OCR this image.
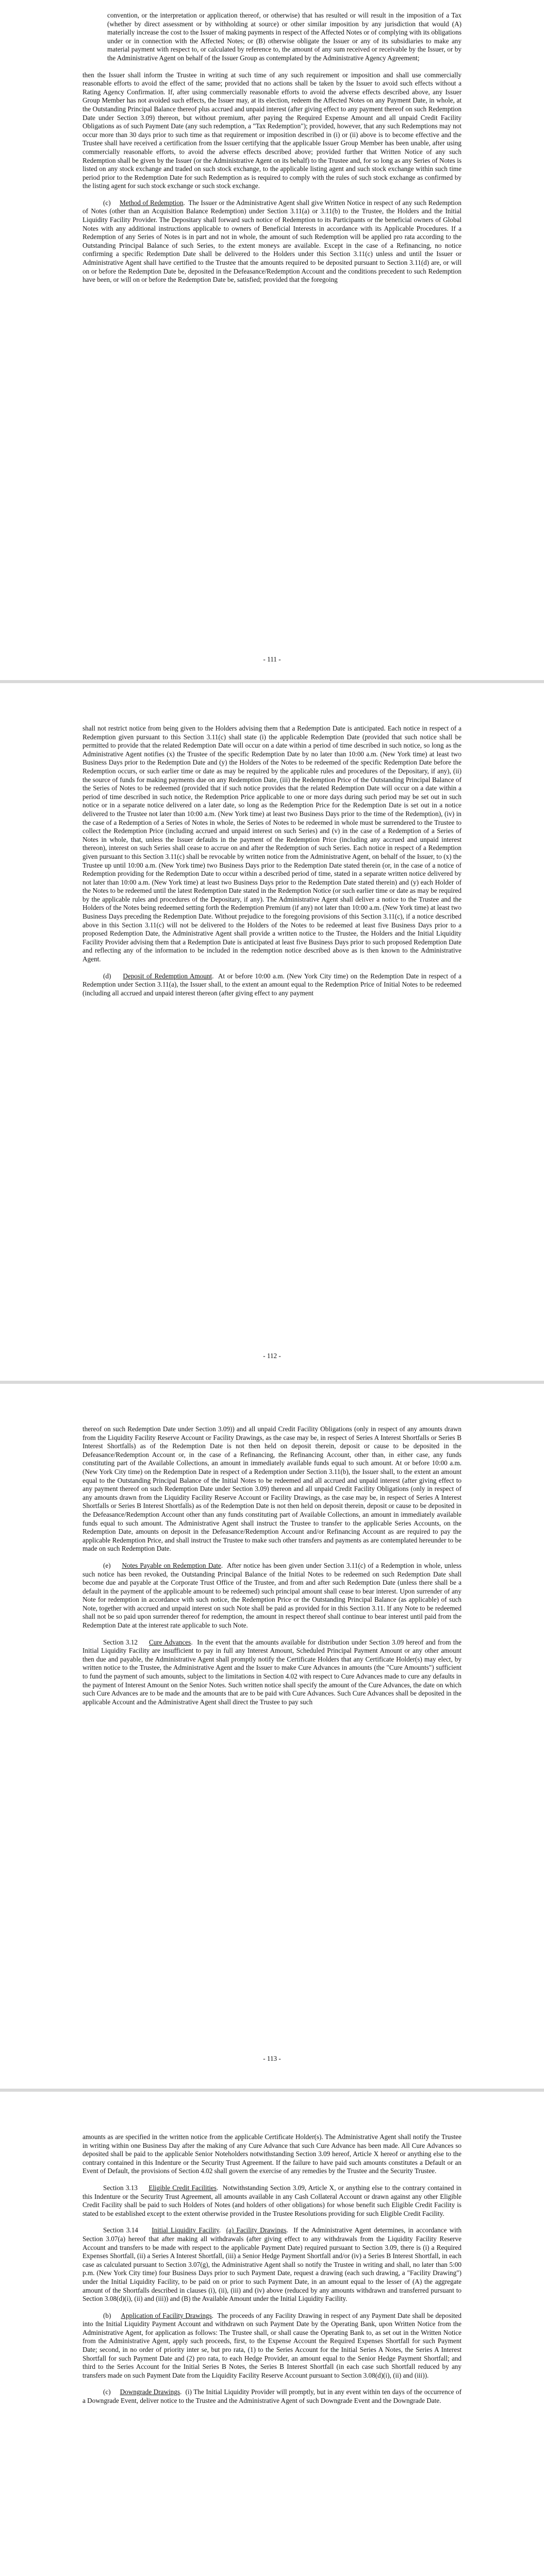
convention, or the interpretation or application thereof, or otherwise) that has resulted or will result in the imposition of a Tax (whether by direct assessment or by withholding at source) or other similar imposition by any jurisdiction that would (A) materially increase the cost to the Issuer of making payments in respect of the Affected Notes or of complying with its obligations under or in connection with the Affected Notes; or (B) otherwise obligate the Issuer or any of its subsidiaries to make any material payment with respect to, or calculated by reference to, the amount of any sum received or receivable by the Issuer, or by the Administrative Agent on behalf of the Issuer Group as contemplated by the Administrative Agency Agreement;

then the Issuer shall inform the Trustee in writing at such time of any such requirement or imposition and shall use commercially reasonable efforts to avoid the effect of the same; provided that no actions shall be taken by the Issuer to avoid such effects without a Rating Agency Confirmation. If, after using commercially reasonable efforts to avoid the adverse effects described above, any Issuer Group Member has not avoided such effects, the Issuer may, at its election, redeem the Affected Notes on any Payment Date, in whole, at the Outstanding Principal Balance thereof plus accrued and unpaid interest (after giving effect to any payment thereof on such Redemption Date under Section 3.09) thereon, but without premium, after paying the Required Expense Amount and all unpaid Credit Facility Obligations as of such Payment Date (any such redemption, a "Tax Redemption"); provided, however, that any such Redemptions may not occur more than 30 days prior to such time as that requirement or imposition described in (i) or (ii) above is to become effective and the Trustee shall have received a certification from the Issuer certifying that the applicable Issuer Group Member has been unable, after using commercially reasonable efforts, to avoid the adverse effects described above; provided further that Written Notice of any such Redemption shall be given by the Issuer (or the Administrative Agent on its behalf) to the Trustee and, for so long as any Series of Notes is listed on any stock exchange and traded on such stock exchange, to the applicable listing agent and such stock exchange within such time period prior to the Redemption Date for such Redemption as is required to comply with the rules of such stock exchange as confirmed by the listing agent for such stock exchange or such stock exchange.

(c) Method of Redemption.  The Issuer or the Administrative Agent shall give Written Notice in respect of any such Redemption of Notes (other than an Acquisition Balance Redemption) under Section 3.11(a) or 3.11(b) to the Trustee, the Holders and the Initial Liquidity Facility Provider. The Depositary shall forward such notice of Redemption to its Participants or the beneficial owners of Global Notes with any additional instructions applicable to owners of Beneficial Interests in accordance with its Applicable Procedures. If a Redemption of any Series of Notes is in part and not in whole, the amount of such Redemption will be applied pro rata according to the Outstanding Principal Balance of such Series, to the extent moneys are available. Except in the case of a Refinancing, no notice confirming a specific Redemption Date shall be delivered to the Holders under this Section 3.11(c) unless and until the Issuer or Administrative Agent shall have certified to the Trustee that the amounts required to be deposited pursuant to Section 3.11(d) are, or will on or before the Redemption Date be, deposited in the Defeasance/Redemption Account and the conditions precedent to such Redemption have been, or will on or before the Redemption Date be, satisfied; provided that the foregoing

- 111 -

shall not restrict notice from being given to the Holders advising them that a Redemption Date is anticipated. Each notice in respect of a Redemption given pursuant to this Section 3.11(c) shall state (i) the applicable Redemption Date (provided that such notice shall be permitted to provide that the related Redemption Date will occur on a date within a period of time described in such notice, so long as the Administrative Agent notifies (x) the Trustee of the specific Redemption Date by no later than 10:00 a.m. (New York time) at least two Business Days prior to the Redemption Date and (y) the Holders of the Notes to be redeemed of the specific Redemption Date before the Redemption occurs, or such earlier time or date as may be required by the applicable rules and procedures of the Depositary, if any), (ii) the source of funds for making payments due on any Redemption Date, (iii) the Redemption Price of the Outstanding Principal Balance of the Series of Notes to be redeemed (provided that if such notice provides that the related Redemption Date will occur on a date within a period of time described in such notice, the Redemption Price applicable to one or more days during such period may be set out in such notice or in a separate notice delivered on a later date, so long as the Redemption Price for the Redemption Date is set out in a notice delivered to the Trustee not later than 10:00 a.m. (New York time) at least two Business Days prior to the time of the Redemption), (iv) in the case of a Redemption of a Series of Notes in whole, the Series of Notes to be redeemed in whole must be surrendered to the Trustee to collect the Redemption Price (including accrued and unpaid interest on such Series) and (v) in the case of a Redemption of a Series of Notes in whole, that, unless the Issuer defaults in the payment of the Redemption Price (including any accrued and unpaid interest thereon), interest on such Series shall cease to accrue on and after the Redemption of such Series. Each notice in respect of a Redemption given pursuant to this Section 3.11(c) shall be revocable by written notice from the Administrative Agent, on behalf of the Issuer, to (x) the Trustee up until 10:00 a.m. (New York time) two Business Days prior to the Redemption Date stated therein (or, in the case of a notice of Redemption providing for the Redemption Date to occur within a described period of time, stated in a separate written notice delivered by not later than 10:00 a.m. (New York time) at least two Business Days prior to the Redemption Date stated therein) and (y) each Holder of the Notes to be redeemed until the latest Redemption Date stated in the Redemption Notice (or such earlier time or date as may be required by the applicable rules and procedures of the Depositary, if any). The Administrative Agent shall deliver a notice to the Trustee and the Holders of the Notes being redeemed setting forth the Redemption Premium (if any) not later than 10:00 a.m. (New York time) at least two Business Days preceding the Redemption Date. Without prejudice to the foregoing provisions of this Section 3.11(c), if a notice described above in this Section 3.11(c) will not be delivered to the Holders of the Notes to be redeemed at least five Business Days prior to a proposed Redemption Date, the Administrative Agent shall provide a written notice to the Trustee, the Holders and the Initial Liquidity Facility Provider advising them that a Redemption Date is anticipated at least five Business Days prior to such proposed Redemption Date and reflecting any of the information to be included in the redemption notice described above as is then known to the Administrative Agent.

(d) Deposit of Redemption Amount.  At or before 10:00 a.m. (New York City time) on the Redemption Date in respect of a Redemption under Section 3.11(a), the Issuer shall, to the extent an amount equal to the Redemption Price of Initial Notes to be redeemed (including all accrued and unpaid interest thereon (after giving effect to any payment

- 112 -

thereof on such Redemption Date under Section 3.09)) and all unpaid Credit Facility Obligations (only in respect of any amounts drawn from the Liquidity Facility Reserve Account or Facility Drawings, as the case may be, in respect of Series A Interest Shortfalls or Series B Interest Shortfalls) as of the Redemption Date is not then held on deposit therein, deposit or cause to be deposited in the Defeasance/Redemption Account or, in the case of a Refinancing, the Refinancing Account, other than, in either case, any funds constituting part of the Available Collections, an amount in immediately available funds equal to such amount. At or before 10:00 a.m. (New York City time) on the Redemption Date in respect of a Redemption under Section 3.11(b), the Issuer shall, to the extent an amount equal to the Outstanding Principal Balance of the Initial Notes to be redeemed and all accrued and unpaid interest (after giving effect to any payment thereof on such Redemption Date under Section 3.09) thereon and all unpaid Credit Facility Obligations (only in respect of any amounts drawn from the Liquidity Facility Reserve Account or Facility Drawings, as the case may be, in respect of Series A Interest Shortfalls or Series B Interest Shortfalls) as of the Redemption Date is not then held on deposit therein, deposit or cause to be deposited in the Defeasance/Redemption Account other than any funds constituting part of Available Collections, an amount in immediately available funds equal to such amount. The Administrative Agent shall instruct the Trustee to transfer to the applicable Series Accounts, on the Redemption Date, amounts on deposit in the Defeasance/Redemption Account and/or Refinancing Account as are required to pay the applicable Redemption Price, and shall instruct the Trustee to make such other transfers and payments as are contemplated hereunder to be made on such Redemption Date.

(e) Notes Payable on Redemption Date.  After notice has been given under Section 3.11(c) of a Redemption in whole, unless such notice has been revoked, the Outstanding Principal Balance of the Initial Notes to be redeemed on such Redemption Date shall become due and payable at the Corporate Trust Office of the Trustee, and from and after such Redemption Date (unless there shall be a default in the payment of the applicable amount to be redeemed) such principal amount shall cease to bear interest. Upon surrender of any Note for redemption in accordance with such notice, the Redemption Price or the Outstanding Principal Balance (as applicable) of such Note, together with accrued and unpaid interest on such Note shall be paid as provided for in this Section 3.11. If any Note to be redeemed shall not be so paid upon surrender thereof for redemption, the amount in respect thereof shall continue to bear interest until paid from the Redemption Date at the interest rate applicable to such Note.

Section 3.12 Cure Advances.  In the event that the amounts available for distribution under Section 3.09 hereof and from the Initial Liquidity Facility are insufficient to pay in full any Interest Amount, Scheduled Principal Payment Amount or any other amount then due and payable, the Administrative Agent shall promptly notify the Certificate Holders that any Certificate Holder(s) may elect, by written notice to the Trustee, the Administrative Agent and the Issuer to make Cure Advances in amounts (the "Cure Amounts") sufficient to fund the payment of such amounts, subject to the limitations in Section 4.02 with respect to Cure Advances made to cure any defaults in the payment of Interest Amount on the Senior Notes. Such written notice shall specify the amount of the Cure Advances, the date on which such Cure Advances are to be made and the amounts that are to be paid with Cure Advances. Such Cure Advances shall be deposited in the applicable Account and the Administrative Agent shall direct the Trustee to pay such

- 113 -

amounts as are specified in the written notice from the applicable Certificate Holder(s). The Administrative Agent shall notify the Trustee in writing within one Business Day after the making of any Cure Advance that such Cure Advance has been made. All Cure Advances so deposited shall be paid to the applicable Senior Noteholders notwithstanding Section 3.09 hereof, Article X hereof or anything else to the contrary contained in this Indenture or the Security Trust Agreement. If the failure to have paid such amounts constitutes a Default or an Event of Default, the provisions of Section 4.02 shall govern the exercise of any remedies by the Trustee and the Security Trustee.

Section 3.13 Eligible Credit Facilities.  Notwithstanding Section 3.09, Article X, or anything else to the contrary contained in this Indenture or the Security Trust Agreement, all amounts available in any Cash Collateral Account or drawn against any other Eligible Credit Facility shall be paid to such Holders of Notes (and holders of other obligations) for whose benefit such Eligible Credit Facility is stated to be established except to the extent otherwise provided in the Trustee Resolutions providing for such Eligible Credit Facility.

Section 3.14 Initial Liquidity Facility.  (a) Facility Drawings.  If the Administrative Agent determines, in accordance with Section 3.07(a) hereof that after making all withdrawals (after giving effect to any withdrawals from the Liquidity Facility Reserve Account and transfers to be made with respect to the applicable Payment Date) required pursuant to Section 3.09, there is (i) a Required Expenses Shortfall, (ii) a Series A Interest Shortfall, (iii) a Senior Hedge Payment Shortfall and/or (iv) a Series B Interest Shortfall, in each case as calculated pursuant to Section 3.07(g), the Administrative Agent shall so notify the Trustee in writing and shall, no later than 5:00 p.m. (New York City time) four Business Days prior to such Payment Date, request a drawing (each such drawing, a "Facility Drawing") under the Initial Liquidity Facility, to be paid on or prior to such Payment Date, in an amount equal to the lesser of (A) the aggregate amount of the Shortfalls described in clauses (i), (ii), (iii) and (iv) above (reduced by any amounts withdrawn and transferred pursuant to Section 3.08(d)(i), (ii) and (iii)) and (B) the Available Amount under the Initial Liquidity Facility.

(b) Application of Facility Drawings.  The proceeds of any Facility Drawing in respect of any Payment Date shall be deposited into the Initial Liquidity Payment Account and withdrawn on such Payment Date by the Operating Bank, upon Written Notice from the Administrative Agent, for application as follows: The Trustee shall, or shall cause the Operating Bank to, as set out in the Written Notice from the Administrative Agent, apply such proceeds, first, to the Expense Account the Required Expenses Shortfall for such Payment Date; second, in no order of priority inter se, but pro rata, (1) to the Series Account for the Initial Series A Notes, the Series A Interest Shortfall for such Payment Date and (2) pro rata, to each Hedge Provider, an amount equal to the Senior Hedge Payment Shortfall; and third to the Series Account for the Initial Series B Notes, the Series B Interest Shortfall (in each case such Shortfall reduced by any transfers made on such Payment Date from the Liquidity Facility Reserve Account pursuant to Section 3.08(d)(i), (ii) and (iii)).

(c) Downgrade Drawings.  (i) The Initial Liquidity Provider will promptly, but in any event within ten days of the occurrence of a Downgrade Event, deliver notice to the Trustee and the Administrative Agent of such Downgrade Event and the Downgrade Date.
